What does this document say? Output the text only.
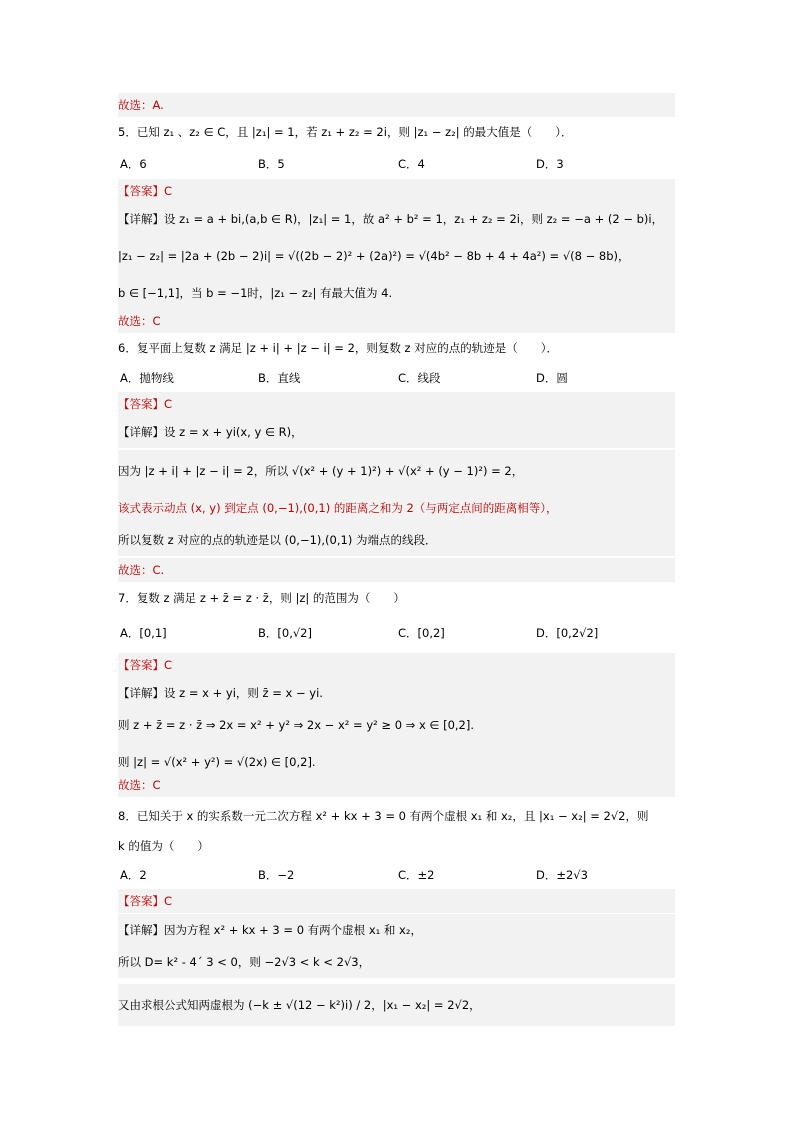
故选：A.
5．已知 z₁ 、z₂ ∈ C，且 |z₁| = 1，若 z₁ + z₂ = 2i，则 |z₁ − z₂| 的最大值是（　　）．
A．6	B．5	C．4	D．3
【答案】C
【详解】设 z₁ = a + bi,(a,b ∈ R)，|z₁| = 1，故 a² + b² = 1，z₁ + z₂ = 2i，则 z₂ = −a + (2 − b)i，
|z₁ − z₂| = |2a + (2b − 2)i| = √((2b − 2)² + (2a)²) = √(4b² − 8b + 4 + 4a²) = √(8 − 8b)，
b ∈ [−1,1]，当 b = −1时，|z₁ − z₂| 有最大值为 4.
故选：C
6．复平面上复数 z 满足 |z + i| + |z − i| = 2，则复数 z 对应的点的轨迹是（　　）．
A．抛物线	B．直线	C．线段	D．圆
【答案】C
【详解】设 z = x + yi(x, y ∈ R)，
因为 |z + i| + |z − i| = 2，所以 √(x² + (y + 1)²) + √(x² + (y − 1)²) = 2，
该式表示动点 (x, y) 到定点 (0,−1),(0,1) 的距离之和为 2（与两定点间的距离相等），
所以复数 z 对应的点的轨迹是以 (0,−1),(0,1) 为端点的线段．
故选：C.
7．复数 z 满足 z + z̄ = z · z̄，则 |z| 的范围为（　　）
A．[0,1]	B．[0,√2]	C．[0,2]	D．[0,2√2]
【答案】C
【详解】设 z = x + yi，则 z̄ = x − yi.
则 z + z̄ = z · z̄ ⇒ 2x = x² + y² ⇒ 2x − x² = y² ≥ 0 ⇒ x ∈ [0,2].
则 |z| = √(x² + y²) = √(2x) ∈ [0,2].
故选：C
8．已知关于 x 的实系数一元二次方程 x² + kx + 3 = 0 有两个虚根 x₁ 和 x₂，且 |x₁ − x₂| = 2√2，则
k 的值为（　　）
A．2	B．−2	C．±2	D．±2√3
【答案】C
【详解】因为方程 x² + kx + 3 = 0 有两个虚根 x₁ 和 x₂，
所以 D= k² - 4´ 3 < 0，则 −2√3 < k < 2√3，
又由求根公式知两虚根为 (−k ± √(12 − k²)i) / 2，|x₁ − x₂| = 2√2，
